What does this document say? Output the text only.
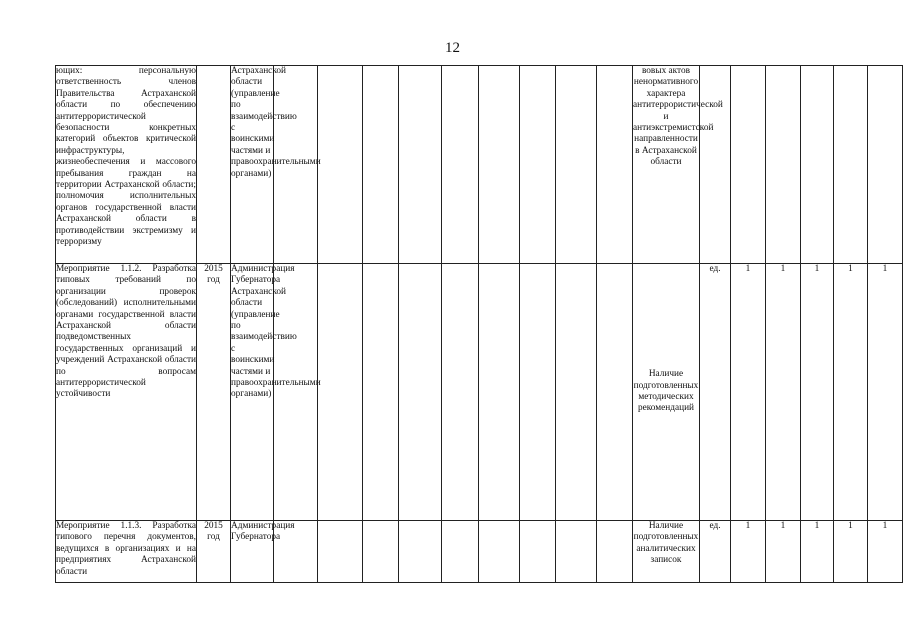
12
ющих: персональную ответственность членов Правительства Астраханской области по обеспечению антитеррористической безопасности конкретных категорий объектов критической инфраструктуры, жизнеобеспечения и массового пребывания граждан на территории Астраханской области; полномочия исполнительных органов государственной власти Астраханской области в противодействии экстремизму и терроризму		Астраханской области (управление по взаимодействию с воинскими частями и правоохранительными органами)										вовых актов ненормативного характера антитеррористической и антиэкстремистской направленности в Астраханской области						
Мероприятие 1.1.2. Разработка типовых требований по организации проверок (обследований) исполнительными органами государственной власти Астраханской области подведомственных государственных организаций и учреждений Астраханской области по вопросам антитеррористической устойчивости	2015 год	Администрация Губернатора Астраханской области (управление по взаимодействию с воинскими частями и правоохранительными органами)										Наличие подготовленных методических рекомендаций	ед.	1	1	1	1	1
Мероприятие 1.1.3. Разработка типового перечня документов, ведущихся в организациях и на предприятиях Астраханской области	2015 год	Администрация Губернатора										Наличие подготовленных аналитических записок	ед.	1	1	1	1	1
